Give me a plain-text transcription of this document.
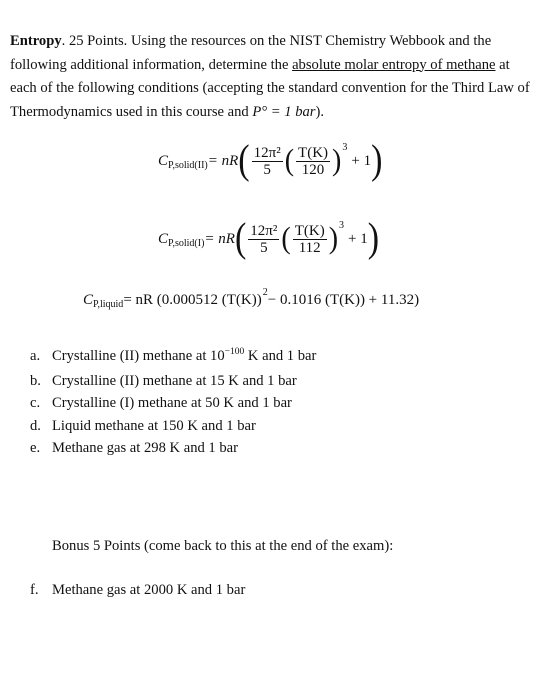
Entropy. 25 Points. Using the resources on the NIST Chemistry Webbook and the following additional information, determine the absolute molar entropy of methane at each of the following conditions (accepting the standard convention for the Third Law of Thermodynamics used in this course and P° = 1 bar).
C P,solid(II) = nR ( $\frac{\text{12π²}}{5}$ ( $\frac{T(K)}{120}$ ) 3
+ 1 )
C P,solid(I) = nR ( $\frac{\text{12π²}}{5}$ ( $\frac{T(K)}{112}$ ) 3
+ 1 )
C P,liquid = nR (0.000512 (T(K)) 2 − 0.1016 (T(K)) + 11.32)
a. Crystalline (II) methane at $10^{-100}$ K and 1 bar
b. Crystalline (II) methane at 15 K and 1 bar
c. Crystalline (I) methane at 50 K and 1 bar
d. Liquid methane at 150 K and 1 bar
e. Methane gas at 298 K and 1 bar
Bonus 5 Points (come back to this at the end of the exam):
f. Methane gas at 2000 K and 1 bar
